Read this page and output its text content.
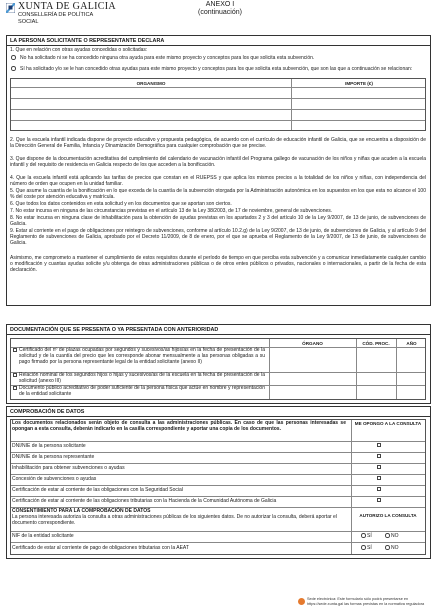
XUNTA DE GALICIA
CONSELLERÍA DE POLÍTICA
SOCIAL
ANEXO I
(continuación)
LA PERSONA SOLICITANTE O REPRESENTANTE DECLARA
1. Que en relación con otras ayudas concedidas o solicitadas:
No ha solicitado ni se ha concedido ninguna otra ayuda para este mismo proyecto y conceptos para los que solicita esta subvención.
Sí ha solicitado y/o se le han concedido otras ayudas para este mismo proyecto y conceptos para los que solicita esta subvención, que son las que a continuación se relacionan:
ORGANISMO	IMPORTE (€)
2. Que la escuela infantil indicada dispone de proyecto educativo y propuesta pedagógica, de acuerdo con el currículo de educación infantil de Galicia, que se encuentra a disposición de la Dirección General de Familia, Infancia y Dinamización Demográfica para cualquier comprobación que se precise.
3. Que dispone de la documentación acreditativa del cumplimiento del calendario de vacunación infantil del Programa gallego de vacunación de los niños y niñas que acuden a la escuela infantil y del requisito de residencia en Galicia respecto de los que acceden a la bonificación.
4. Que la escuela infantil está aplicando las tarifas de precios que constan en el RUEPSS y que aplica los mismos precios a la totalidad de los niños y niñas, con independencia del número de orden que ocupen en la unidad familiar.
5. Que asume la cuantía de la bonificación en lo que exceda de la cuantía de la subvención otorgada por la Administración autonómica en los supuestos en los que esta no alcance el 100 % del coste por atención educativa y matrícula.
6. Que todos los datos contenidos en esta solicitud y en los documentos que se aportan son ciertos.
7. No estar incursa en ninguna de las circunstancias previstas en el artículo 13 de la Ley 38/2003, de 17 de noviembre, general de subvenciones.
8. No estar incursa en ninguna clase de inhabilitación para la obtención de ayudas previstas en los apartados 2 y 3 del artículo 10 de la Ley 9/2007, de 13 de junio, de subvenciones de Galicia.
9. Estar al corriente en el pago de obligaciones por reintegro de subvenciones, conforme al artículo 10.2.g) de la Ley 9/2007, de 13 de junio, de subvenciones de Galicia, y al artículo 9 del Reglamento de subvenciones de Galicia, aprobado por el Decreto 11/2009, de 8 de enero, por el que se aprueba el Reglamento de la Ley 9/2007, de 13 de junio, de subvenciones de Galicia.
Asimismo, me comprometo a mantener el cumplimiento de estos requisitos durante el período de tiempo en que perciba esta subvención y a comunicar inmediatamente cualquier cambio o modificación y cuantas ayudas solicite y/u obtenga de otras administraciones públicas o de otros entes públicos o privados, nacionales o internacionales, a partir de la fecha de esta declaración.
DOCUMENTACIÓN QUE SE PRESENTA O YA PRESENTADA CON ANTERIORIDAD
ÓRGANO	CÓD. PROC.	AÑO
Certificado del nº de plazas ocupadas por segundos y sucesivos/as hijos/as en la fecha de presentación de la solicitud y de la cuantía del precio que les corresponde abonar mensualmente a las personas obligadas a su pago firmado por la persona representante legal de la entidad solicitante (anexo II)
Relación nominal de los segundos hijos o hijas y sucesivos/as de la escuela en la fecha de presentación de la solicitud (anexo III)
Documento público acreditativo de poder suficiente de la persona física que actúe en nombre y representación de la entidad solicitante
COMPROBACIÓN DE DATOS
Los documentos relacionados serán objeto de consulta a las administraciones públicas. En caso de que las personas interesadas se opongan a esta consulta, deberán indicarlo en la casilla correspondiente y aportar una copia de los documentos.
ME OPONGO A LA CONSULTA
DNI/NIE de la persona solicitante
DNI/NIE de la persona representante
Inhabilitación para obtener subvenciones o ayudas
Concesión de subvenciones o ayudas
Certificación de estar al corriente de las obligaciones con la Seguridad Social
Certificación de estar al corriente de las obligaciones tributarias con la Hacienda de la Comunidad Autónoma de Galicia
CONSENTIMIENTO PARA LA COMPROBACIÓN DE DATOS
La persona interesada autoriza la consulta a otras administraciones públicas de los siguientes datos. De no autorizar la consulta, deberá aportar el documento correspondiente.
AUTORIZO LA CONSULTA
NIF de la entidad solicitante	SÍ	NO
Certificado de estar al corriente de pago de obligaciones tributarias con la AEAT	SÍ	NO
Sede electrónica: Este formulario sólo podrá presentarse en
https://sede.xunta.gal las formas previstas en la normativa reguladora
